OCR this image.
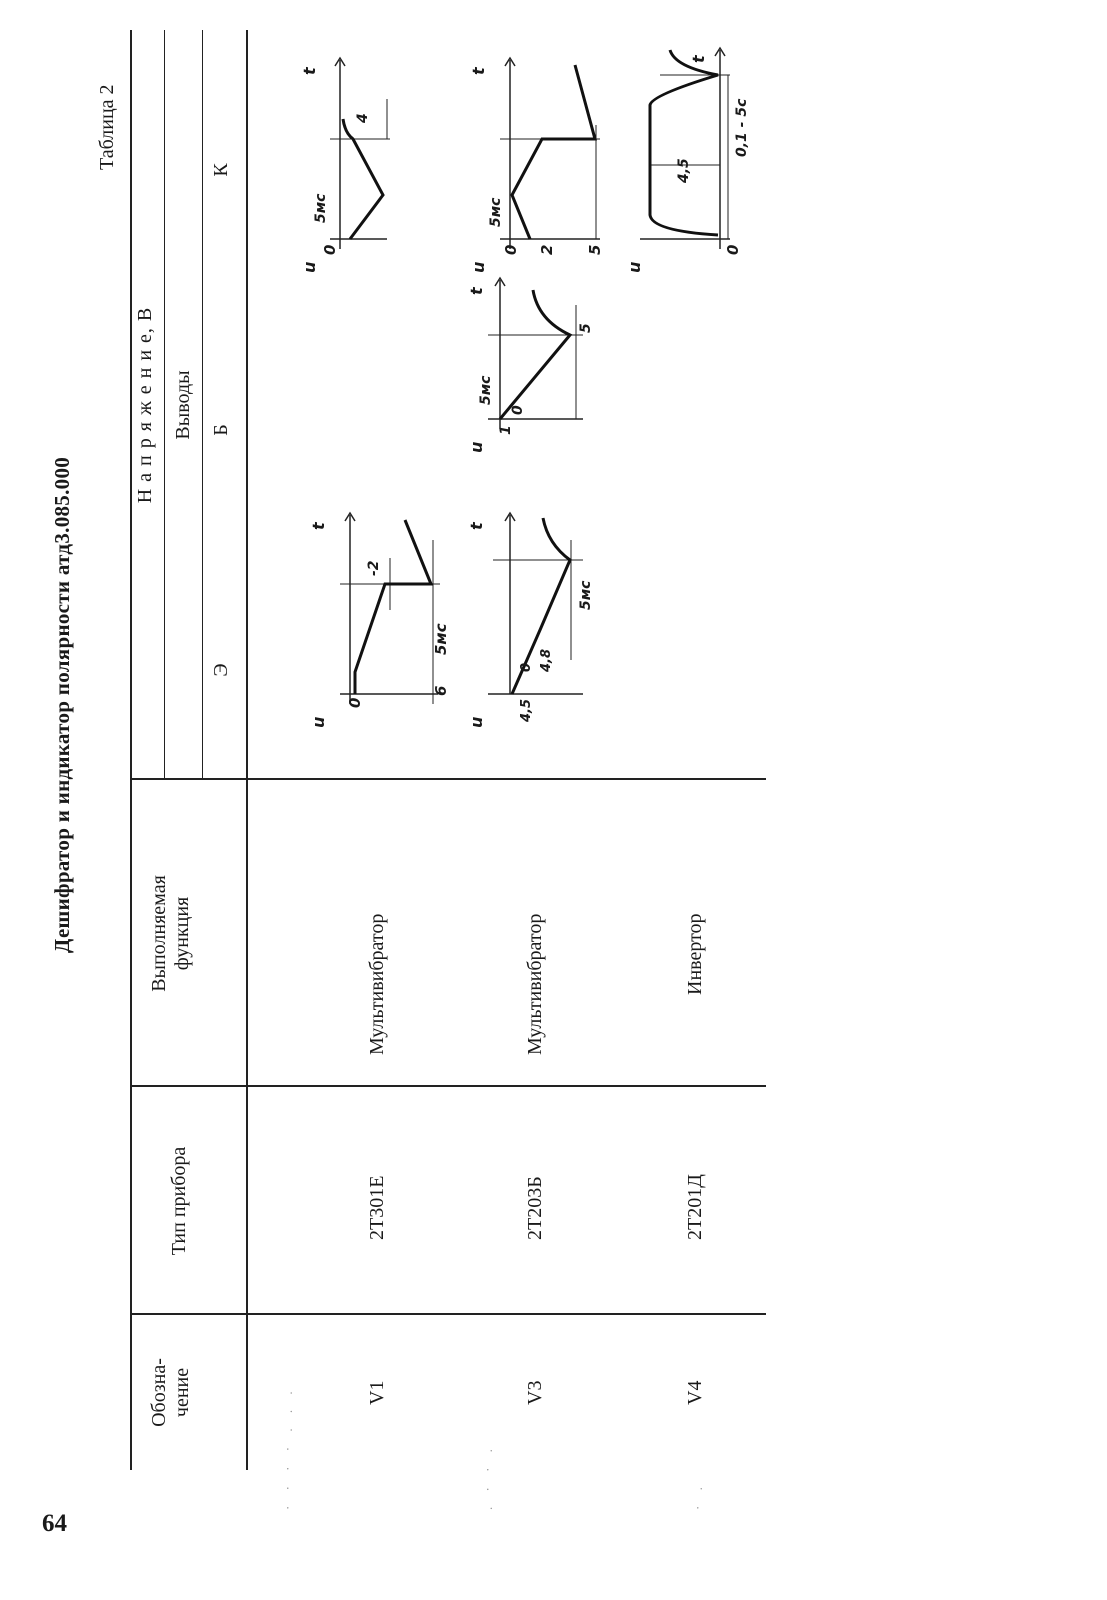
64
Дешифратор и индикатор полярности атд3.085.000
Таблица 2
Обозна- чение
Тип прибора
Выполняемая функция
Н а п р я ж е н и е, В Выводы
Э
Б
К
V1
2Т301Е
Мультивибратор
V3
2Т203Б
Мультивибратор
V4
2Т201Д
Инвертор
u
t
0
6
5мс
-2
u
t
0
5мс
4
u
t
4,5
0 4,8
5мс
u
t
1
0
5
5мс
u
t
0 2 5
5мс
u
t
0
4,5
0,1 - 5с
· · · · . . .	. · · .	· .
